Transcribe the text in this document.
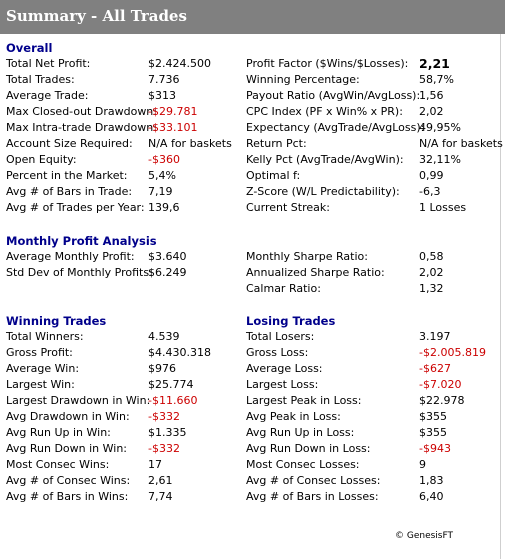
Summary - All Trades
Overall
Monthly Profit Analysis
Winning Trades	Losing Trades
Total Net Profit:	$2.424.500
Total Trades:	7.736
Average Trade:	$313
Max Closed-out Drawdown:
-$29.781
Max Intra-trade Drawdown:
-$33.101
Account Size Required: N/A for baskets
Open Equity:	-$360
Percent in the Market: 5,4%
Avg # of Bars in Trade: 7,19
Avg # of Trades per Year: 139,6
Profit Factor ($Wins/$Losses): 2,21
Winning Percentage:	58,7%
Payout Ratio (AvgWin/AvgLoss):
1,56
CPC Index (PF x Win% x PR): 2,02
Expectancy (AvgTrade/AvgLoss):
49,95%
Return Pct:	N/A for baskets
Kelly Pct (AvgTrade/AvgWin): 32,11%
Optimal f:	0,99
Z-Score (W/L Predictability): -6,3
Current Streak:	1 Losses
Average Monthly Profit: $3.640
Std Dev of Monthly Profits:
$6.249
Monthly Sharpe Ratio:	0,58
Annualized Sharpe Ratio:	2,02
Calmar Ratio:	1,32
Total Winners:	4.539
Gross Profit:	$4.430.318
Average Win:	$976
Largest Win:	$25.774
Largest Drawdown in Win:
-$11.660
Avg Drawdown in Win: -$332
Avg Run Up in Win:	$1.335
Avg Run Down in Win: -$332
Most Consec Wins:	17
Avg # of Consec Wins: 2,61
Avg # of Bars in Wins: 7,74
Total Losers:	3.197
Gross Loss:	-$2.005.819
Average Loss:	-$627
Largest Loss:	-$7.020
Largest Peak in Loss:	$22.978
Avg Peak in Loss:	$355
Avg Run Up in Loss:	$355
Avg Run Down in Loss:	-$943
Most Consec Losses:	9
Avg # of Consec Losses:	1,83
Avg # of Bars in Losses:	6,40
© GenesisFT
